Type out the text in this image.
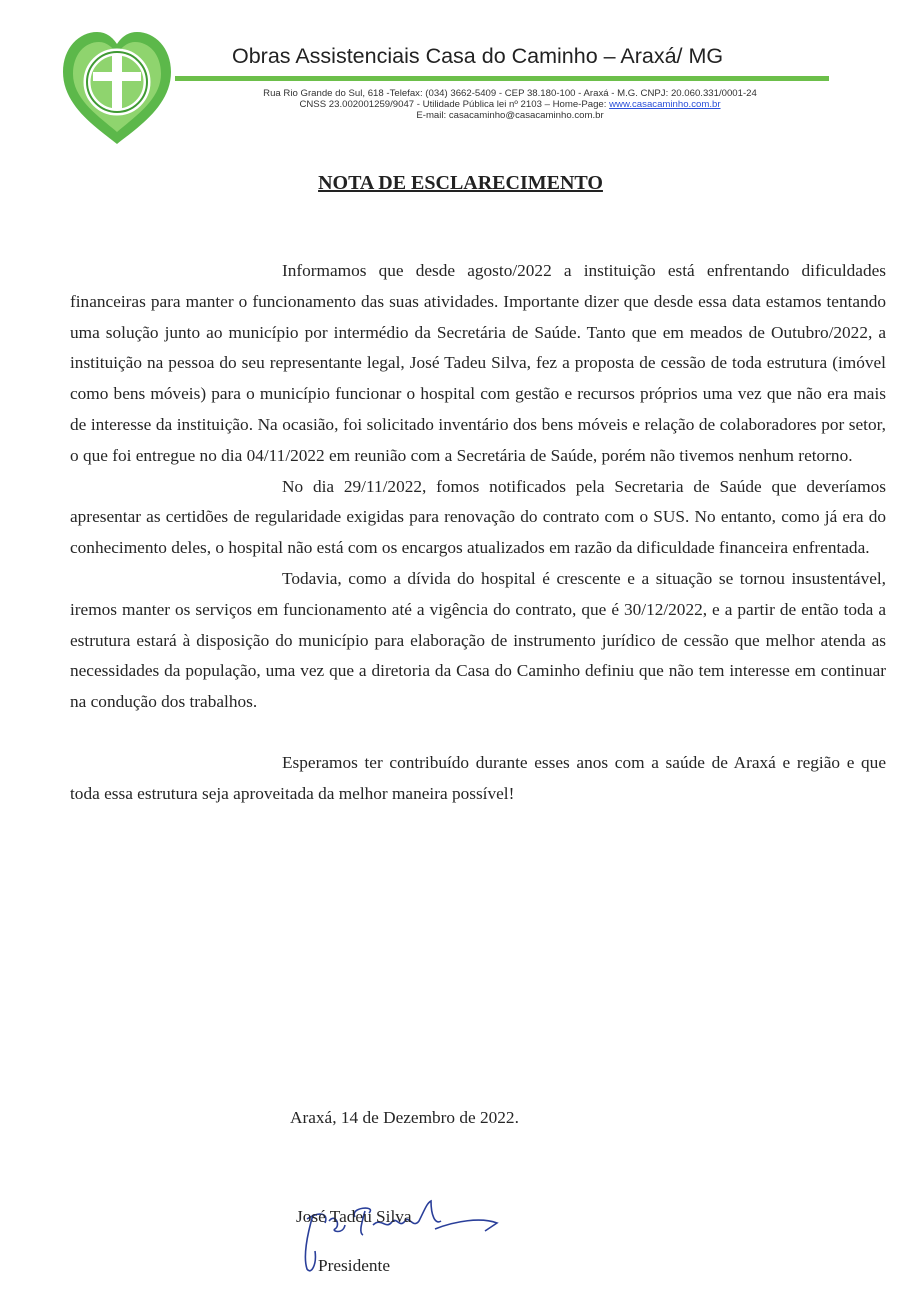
Obras Assistenciais Casa do Caminho – Araxá/ MG
Rua Rio Grande do Sul, 618 -Telefax: (034) 3662-5409 - CEP 38.180-100 - Araxá - M.G. CNPJ: 20.060.331/0001-24
CNSS 23.002001259/9047 - Utilidade Pública lei nº 2103 – Home-Page: www.casacaminho.com.br
E-mail: casacaminho@casacaminho.com.br
NOTA DE ESCLARECIMENTO

Informamos que desde agosto/2022 a instituição está enfrentando dificuldades financeiras para manter o funcionamento das suas atividades. Importante dizer que desde essa data estamos tentando uma solução junto ao município por intermédio da Secretária de Saúde. Tanto que em meados de Outubro/2022, a instituição na pessoa do seu representante legal, José Tadeu Silva, fez a proposta de cessão de toda estrutura (imóvel como bens móveis) para o município funcionar o hospital com gestão e recursos próprios uma vez que não era mais de interesse da instituição. Na ocasião, foi solicitado inventário dos bens móveis e relação de colaboradores por setor, o que foi entregue no dia 04/11/2022 em reunião com a Secretária de Saúde, porém não tivemos nenhum retorno.

No dia 29/11/2022, fomos notificados pela Secretaria de Saúde que deveríamos apresentar as certidões de regularidade exigidas para renovação do contrato com o SUS. No entanto, como já era do conhecimento deles, o hospital não está com os encargos atualizados em razão da dificuldade financeira enfrentada.

Todavia, como a dívida do hospital é crescente e a situação se tornou insustentável, iremos manter os serviços em funcionamento até a vigência do contrato, que é 30/12/2022, e a partir de então toda a estrutura estará à disposição do município para elaboração de instrumento jurídico de cessão que melhor atenda as necessidades da população, uma vez que a diretoria da Casa do Caminho definiu que não tem interesse em continuar na condução dos trabalhos.

Esperamos ter contribuído durante esses anos com a saúde de Araxá e região e que toda essa estrutura seja aproveitada da melhor maneira possível!

Araxá, 14 de Dezembro de 2022.
José Tadeu Silva
Presidente
